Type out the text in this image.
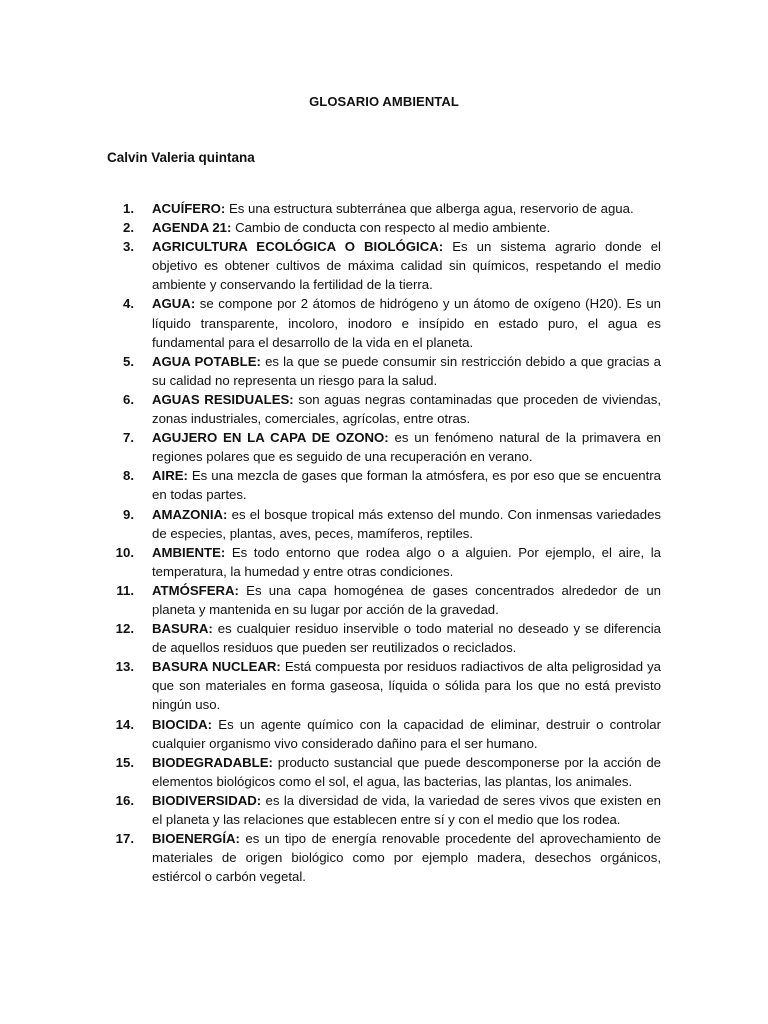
GLOSARIO AMBIENTAL
Calvin Valeria quintana
1.	ACUÍFERO: Es una estructura subterránea que alberga agua, reservorio de agua.
2.	AGENDA 21: Cambio de conducta con respecto al medio ambiente.
3.	AGRICULTURA ECOLÓGICA O BIOLÓGICA: Es un sistema agrario donde el objetivo es obtener cultivos de máxima calidad sin químicos, respetando el medio ambiente y conservando la fertilidad de la tierra.
4.	AGUA: se compone por 2 átomos de hidrógeno y un átomo de oxígeno (H20). Es un líquido transparente, incoloro, inodoro e insípido en estado puro, el agua es fundamental para el desarrollo de la vida en el planeta.
5.	AGUA POTABLE: es la que se puede consumir sin restricción debido a que gracias a su calidad no representa un riesgo para la salud.
6.	AGUAS RESIDUALES: son aguas negras contaminadas que proceden de viviendas, zonas industriales, comerciales, agrícolas, entre otras.
7.	AGUJERO EN LA CAPA DE OZONO: es un fenómeno natural de la primavera en regiones polares que es seguido de una recuperación en verano.
8.	AIRE: Es una mezcla de gases que forman la atmósfera, es por eso que se encuentra en todas partes.
9.	AMAZONIA: es el bosque tropical más extenso del mundo. Con inmensas variedades de especies, plantas, aves, peces, mamíferos, reptiles.
10.	AMBIENTE: Es todo entorno que rodea algo o a alguien. Por ejemplo, el aire, la temperatura, la humedad y entre otras condiciones.
11.	ATMÓSFERA: Es una capa homogénea de gases concentrados alrededor de un planeta y mantenida en su lugar por acción de la gravedad.
12.	BASURA: es cualquier residuo inservible o todo material no deseado y se diferencia de aquellos residuos que pueden ser reutilizados o reciclados.
13.	BASURA NUCLEAR: Está compuesta por residuos radiactivos de alta peligrosidad ya que son materiales en forma gaseosa, líquida o sólida para los que no está previsto ningún uso.
14.	BIOCIDA: Es un agente químico con la capacidad de eliminar, destruir o controlar cualquier organismo vivo considerado dañino para el ser humano.
15.	BIODEGRADABLE: producto sustancial que puede descomponerse por la acción de elementos biológicos como el sol, el agua, las bacterias, las plantas, los animales.
16.	BIODIVERSIDAD: es la diversidad de vida, la variedad de seres vivos que existen en el planeta y las relaciones que establecen entre sí y con el medio que los rodea.
17.	BIOENERGÍA: es un tipo de energía renovable procedente del aprovechamiento de materiales de origen biológico como por ejemplo madera, desechos orgánicos, estiércol o carbón vegetal.
